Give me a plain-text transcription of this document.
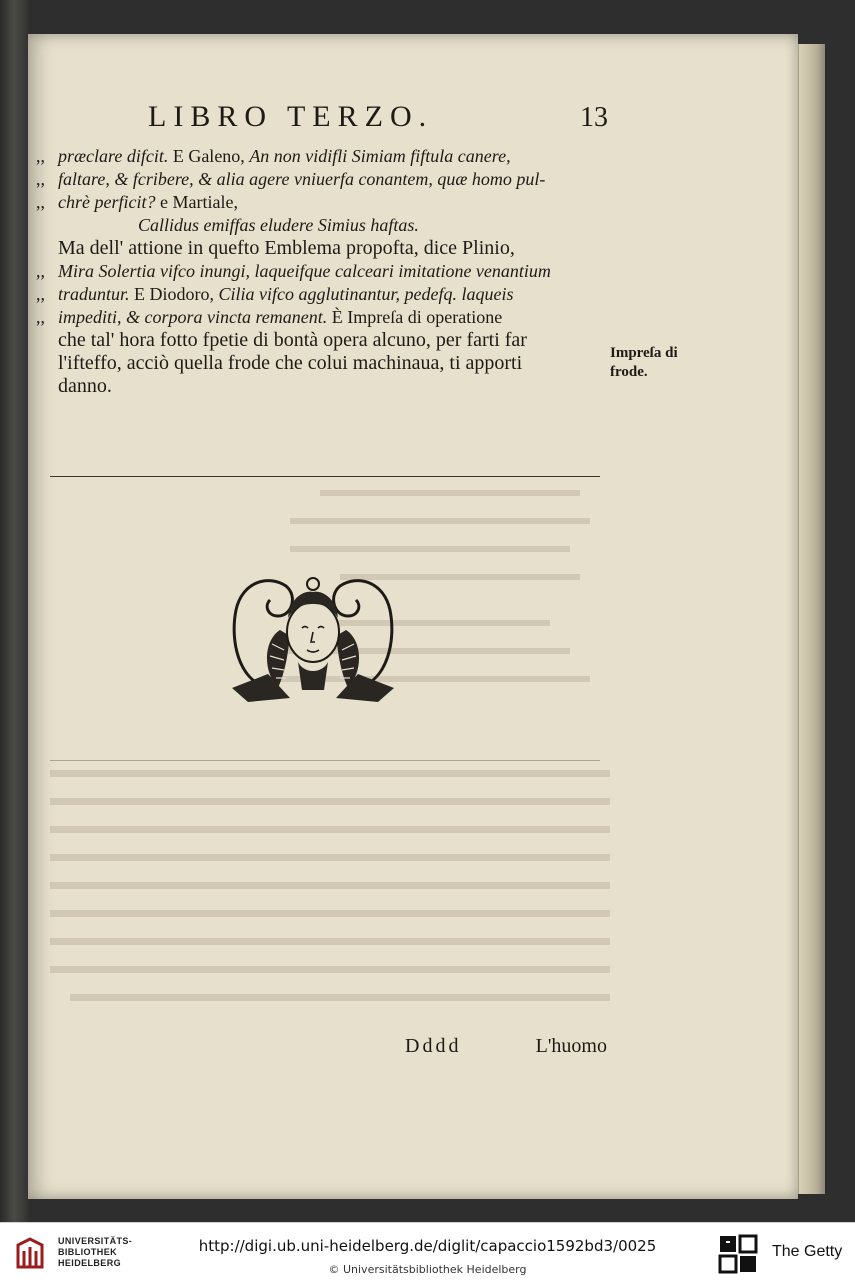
LIBRO TERZO.	13
,, præclare difcit. E Galeno, An non vidifli Simiam fiftula canere,
,, faltare, & fcribere, & alia agere vniuerfa conantem, quæ homo pul-
,, chrè perficit? e Martiale,
Callidus emiffas eludere Simius haftas.
Ma dell' attione in quefto Emblema propofta, dice Plinio,
,, Mira Solertia vifco inungi, laqueifque calceari imitatione venantium
,, traduntur. E Diodoro, Cilia vifco agglutinantur, pedefq. laqueis
,, impediti, & corpora vincta remanent. È Impreſa di operatione
che tal' hora fotto fpetie di bontà opera alcuno, per farti far
l'ifteffo, acciò quella frode che colui machinaua, ti apporti
danno.
Impreſa di
frode.
Dddd	L'huomo
UNIVERSITÄTS-
BIBLIOTHEK
HEIDELBERG
http://digi.ub.uni-heidelberg.de/diglit/capaccio1592bd3/0025
© Universitätsbibliothek Heidelberg
The Getty
